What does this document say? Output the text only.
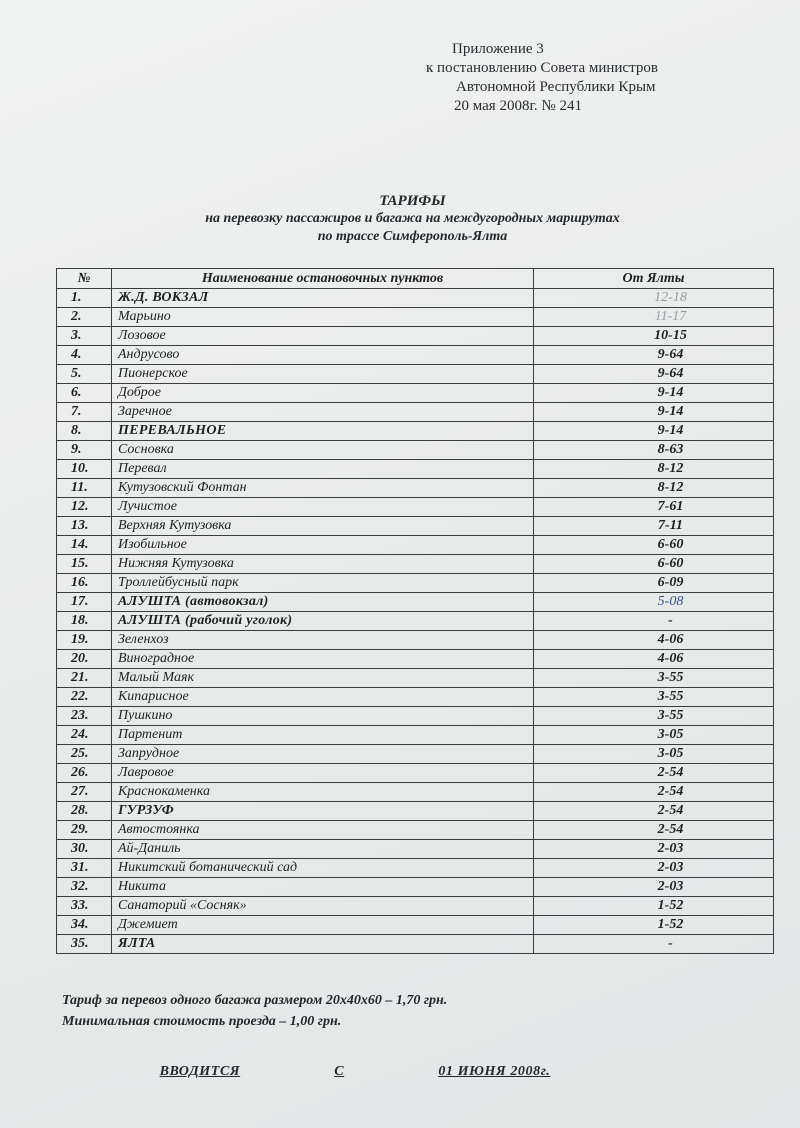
Приложение 3
к постановлению Совета министров
Автономной Республики Крым
20 мая 2008г. № 241
ТАРИФЫ
на перевозку пассажиров и багажа на междугородных маршрутах
по трассе Симферополь-Ялта
№	Наименование остановочных пунктов	От Ялты
1.	Ж.Д. ВОКЗАЛ	12-18
2.	Марьино	11-17
3.	Лозовое	10-15
4.	Андрусово	9-64
5.	Пионерское	9-64
6.	Доброе	9-14
7.	Заречное	9-14
8.	ПЕРЕВАЛЬНОЕ	9-14
9.	Сосновка	8-63
10.	Перевал	8-12
11.	Кутузовский Фонтан	8-12
12.	Лучистое	7-61
13.	Верхняя Кутузовка	7-11
14.	Изобильное	6-60
15.	Нижняя Кутузовка	6-60
16.	Троллейбусный парк	6-09
17.	АЛУШТА (автовокзал)	5-08
18.	АЛУШТА (рабочий уголок)	-
19.	Зеленхоз	4-06
20.	Виноградное	4-06
21.	Малый Маяк	3-55
22.	Кипарисное	3-55
23.	Пушкино	3-55
24.	Партенит	3-05
25.	Запрудное	3-05
26.	Лавровое	2-54
27.	Краснокаменка	2-54
28.	ГУРЗУФ	2-54
29.	Автостоянка	2-54
30.	Ай-Даниль	2-03
31.	Никитский ботанический сад	2-03
32.	Никита	2-03
33.	Санаторий «Сосняк»	1-52
34.	Джемиет	1-52
35.	ЯЛТА	-
Тариф за перевоз одного багажа размером 20х40х60 – 1,70 грн.
Минимальная стоимость проезда – 1,00 грн.
ВВОДИТСЯ	С	01 ИЮНЯ 2008г.
